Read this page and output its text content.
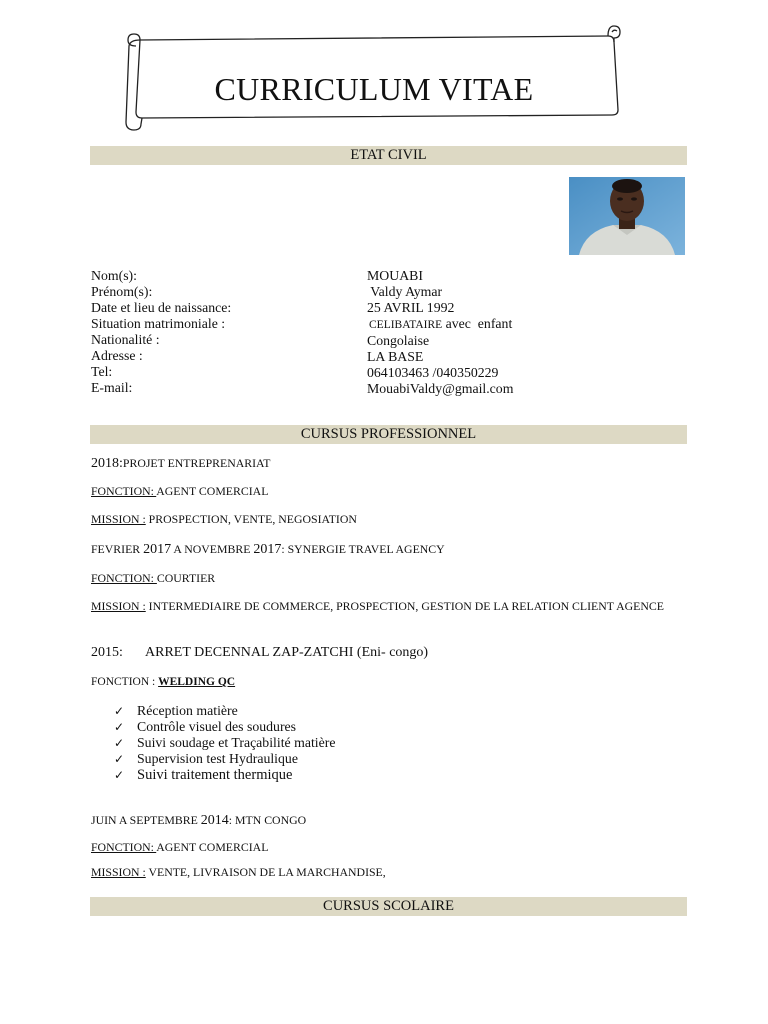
CURRICULUM VITAE
ETAT CIVIL
Nom(s):
Prénom(s):
Date et lieu de naissance:
Situation matrimoniale :
Nationalité :
Adresse :
Tel:
E-mail:
MOUABI
Valdy Aymar
25 AVRIL 1992
CELIBATAIRE avec  enfant
Congolaise
LA BASE
064103463 /040350229
MouabiValdy@gmail.com
CURSUS PROFESSIONNEL
2018:PROJET ENTREPRENARIAT
FONCTION: AGENT COMERCIAL
MISSION : PROSPECTION, VENTE, NEGOSIATION
FEVRIER 2017 A NOVEMBRE 2017: SYNERGIE TRAVEL AGENCY
FONCTION: COURTIER
MISSION : INTERMEDIAIRE DE COMMERCE, PROSPECTION, GESTION DE LA RELATION CLIENT AGENCE
2015: ARRET DECENNAL ZAP-ZATCHI (Eni- congo)
FONCTION : WELDING QC
✓ Réception matière
✓ Contrôle visuel des soudures
✓ Suivi soudage et Traçabilité matière
✓ Supervision test Hydraulique
✓ Suivi traitement thermique
JUIN A SEPTEMBRE 2014: MTN CONGO
FONCTION: AGENT COMERCIAL
MISSION : VENTE, LIVRAISON DE LA MARCHANDISE,
CURSUS SCOLAIRE
